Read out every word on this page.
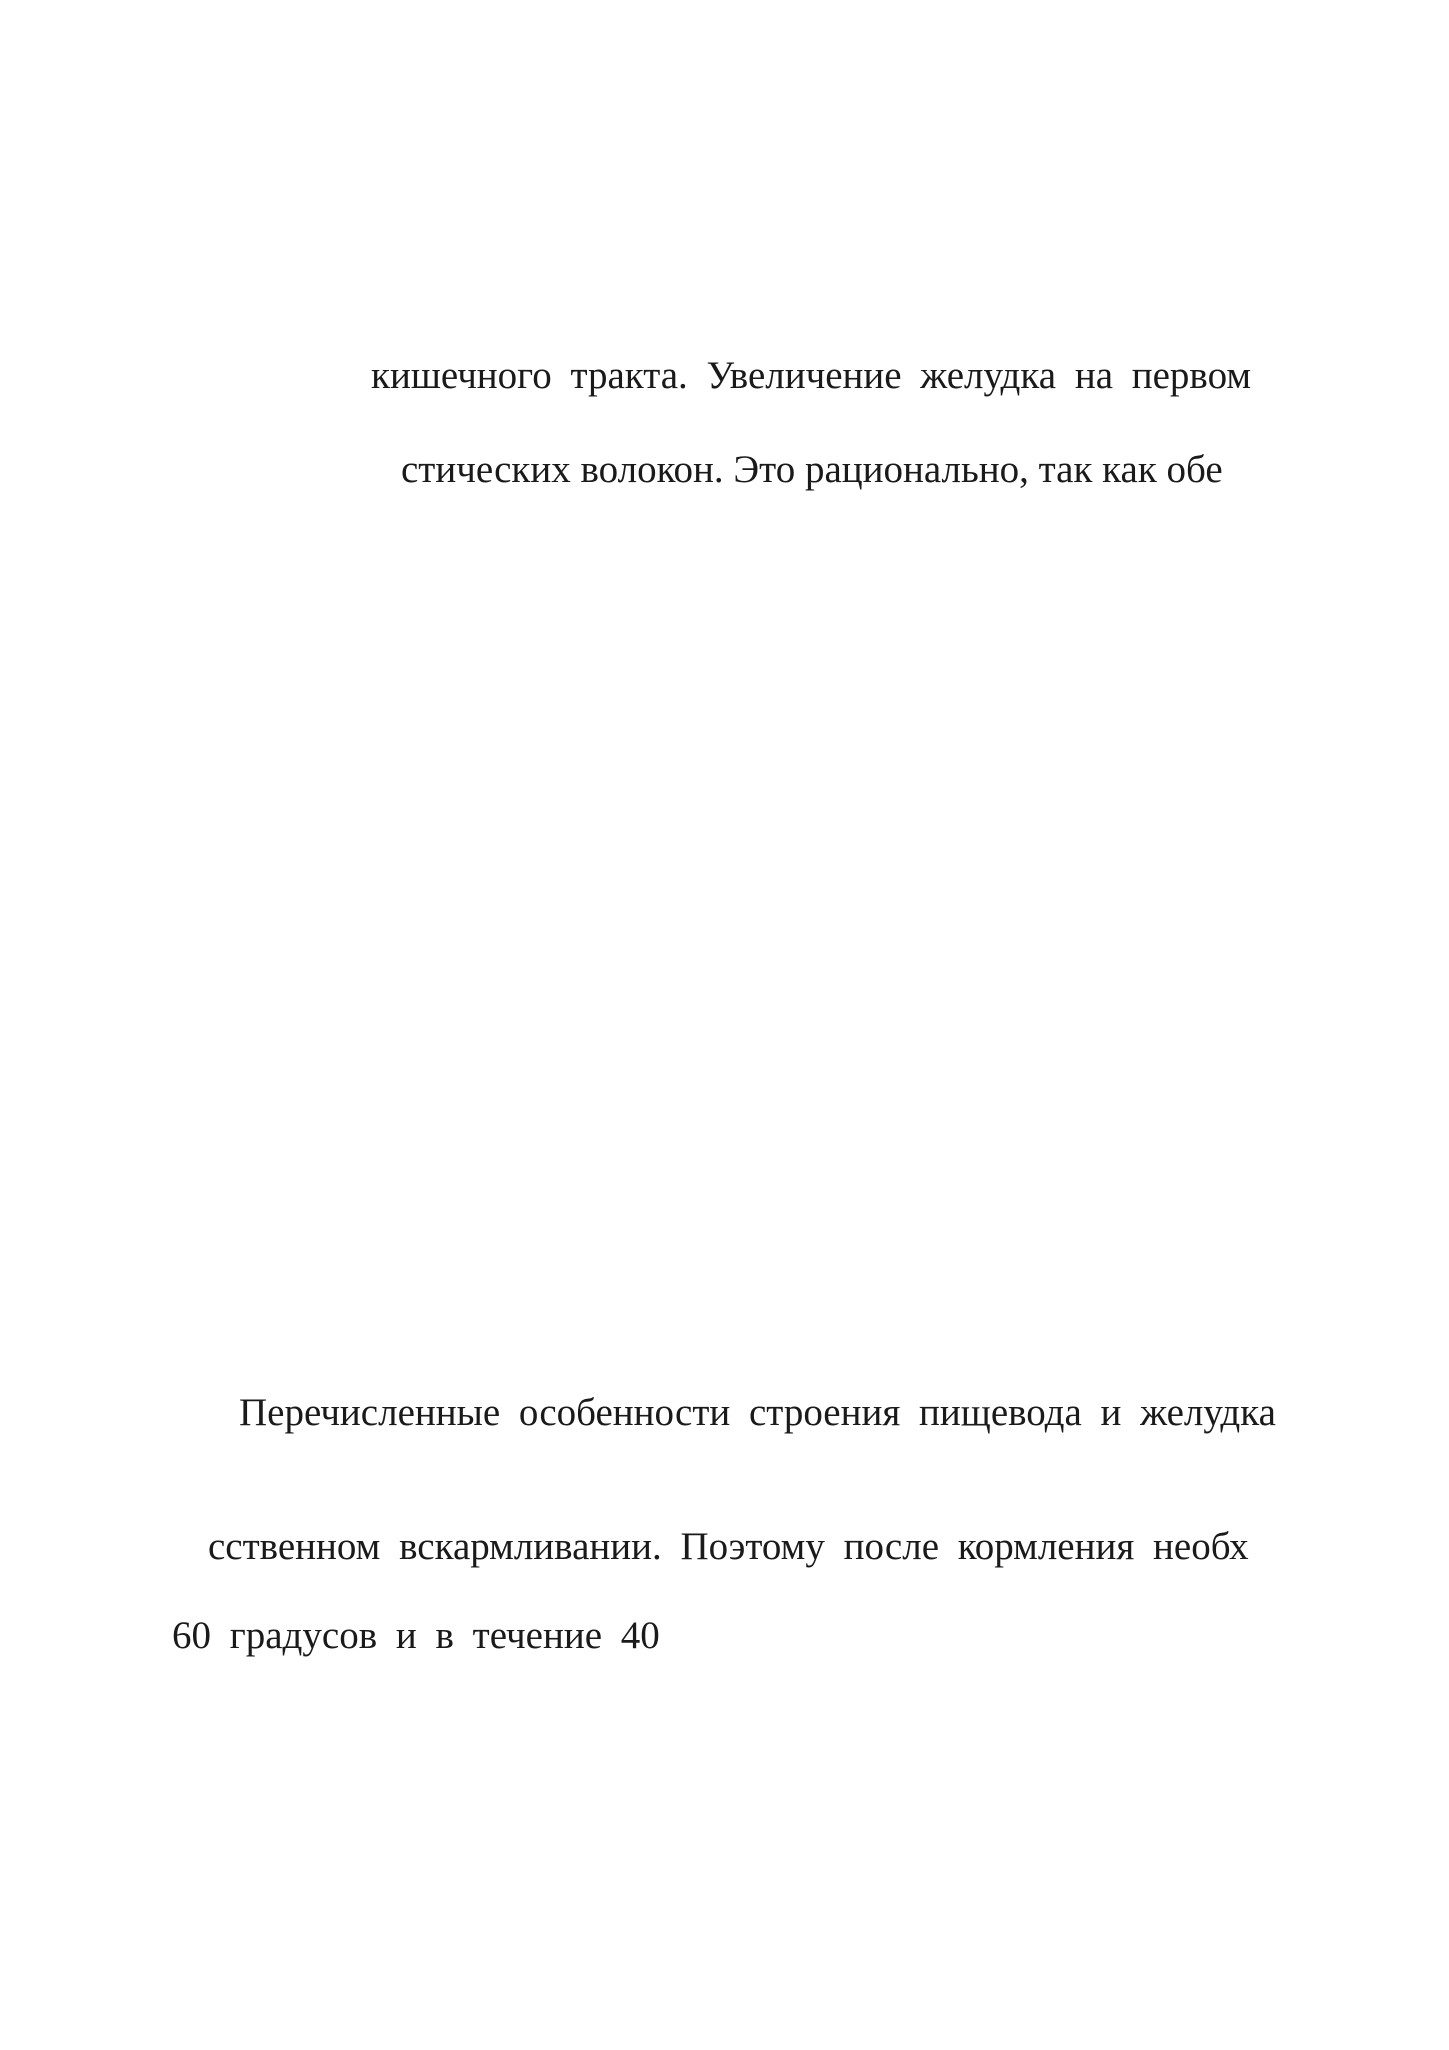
кишечного тракта. Увеличение желудка на первом

стических волокон. Это рационально, так как обе

Перечисленные особенности строения пищевода и желудка

сственном вскармливании. Поэтому после кормления необх

60 градусов и в течение 40
